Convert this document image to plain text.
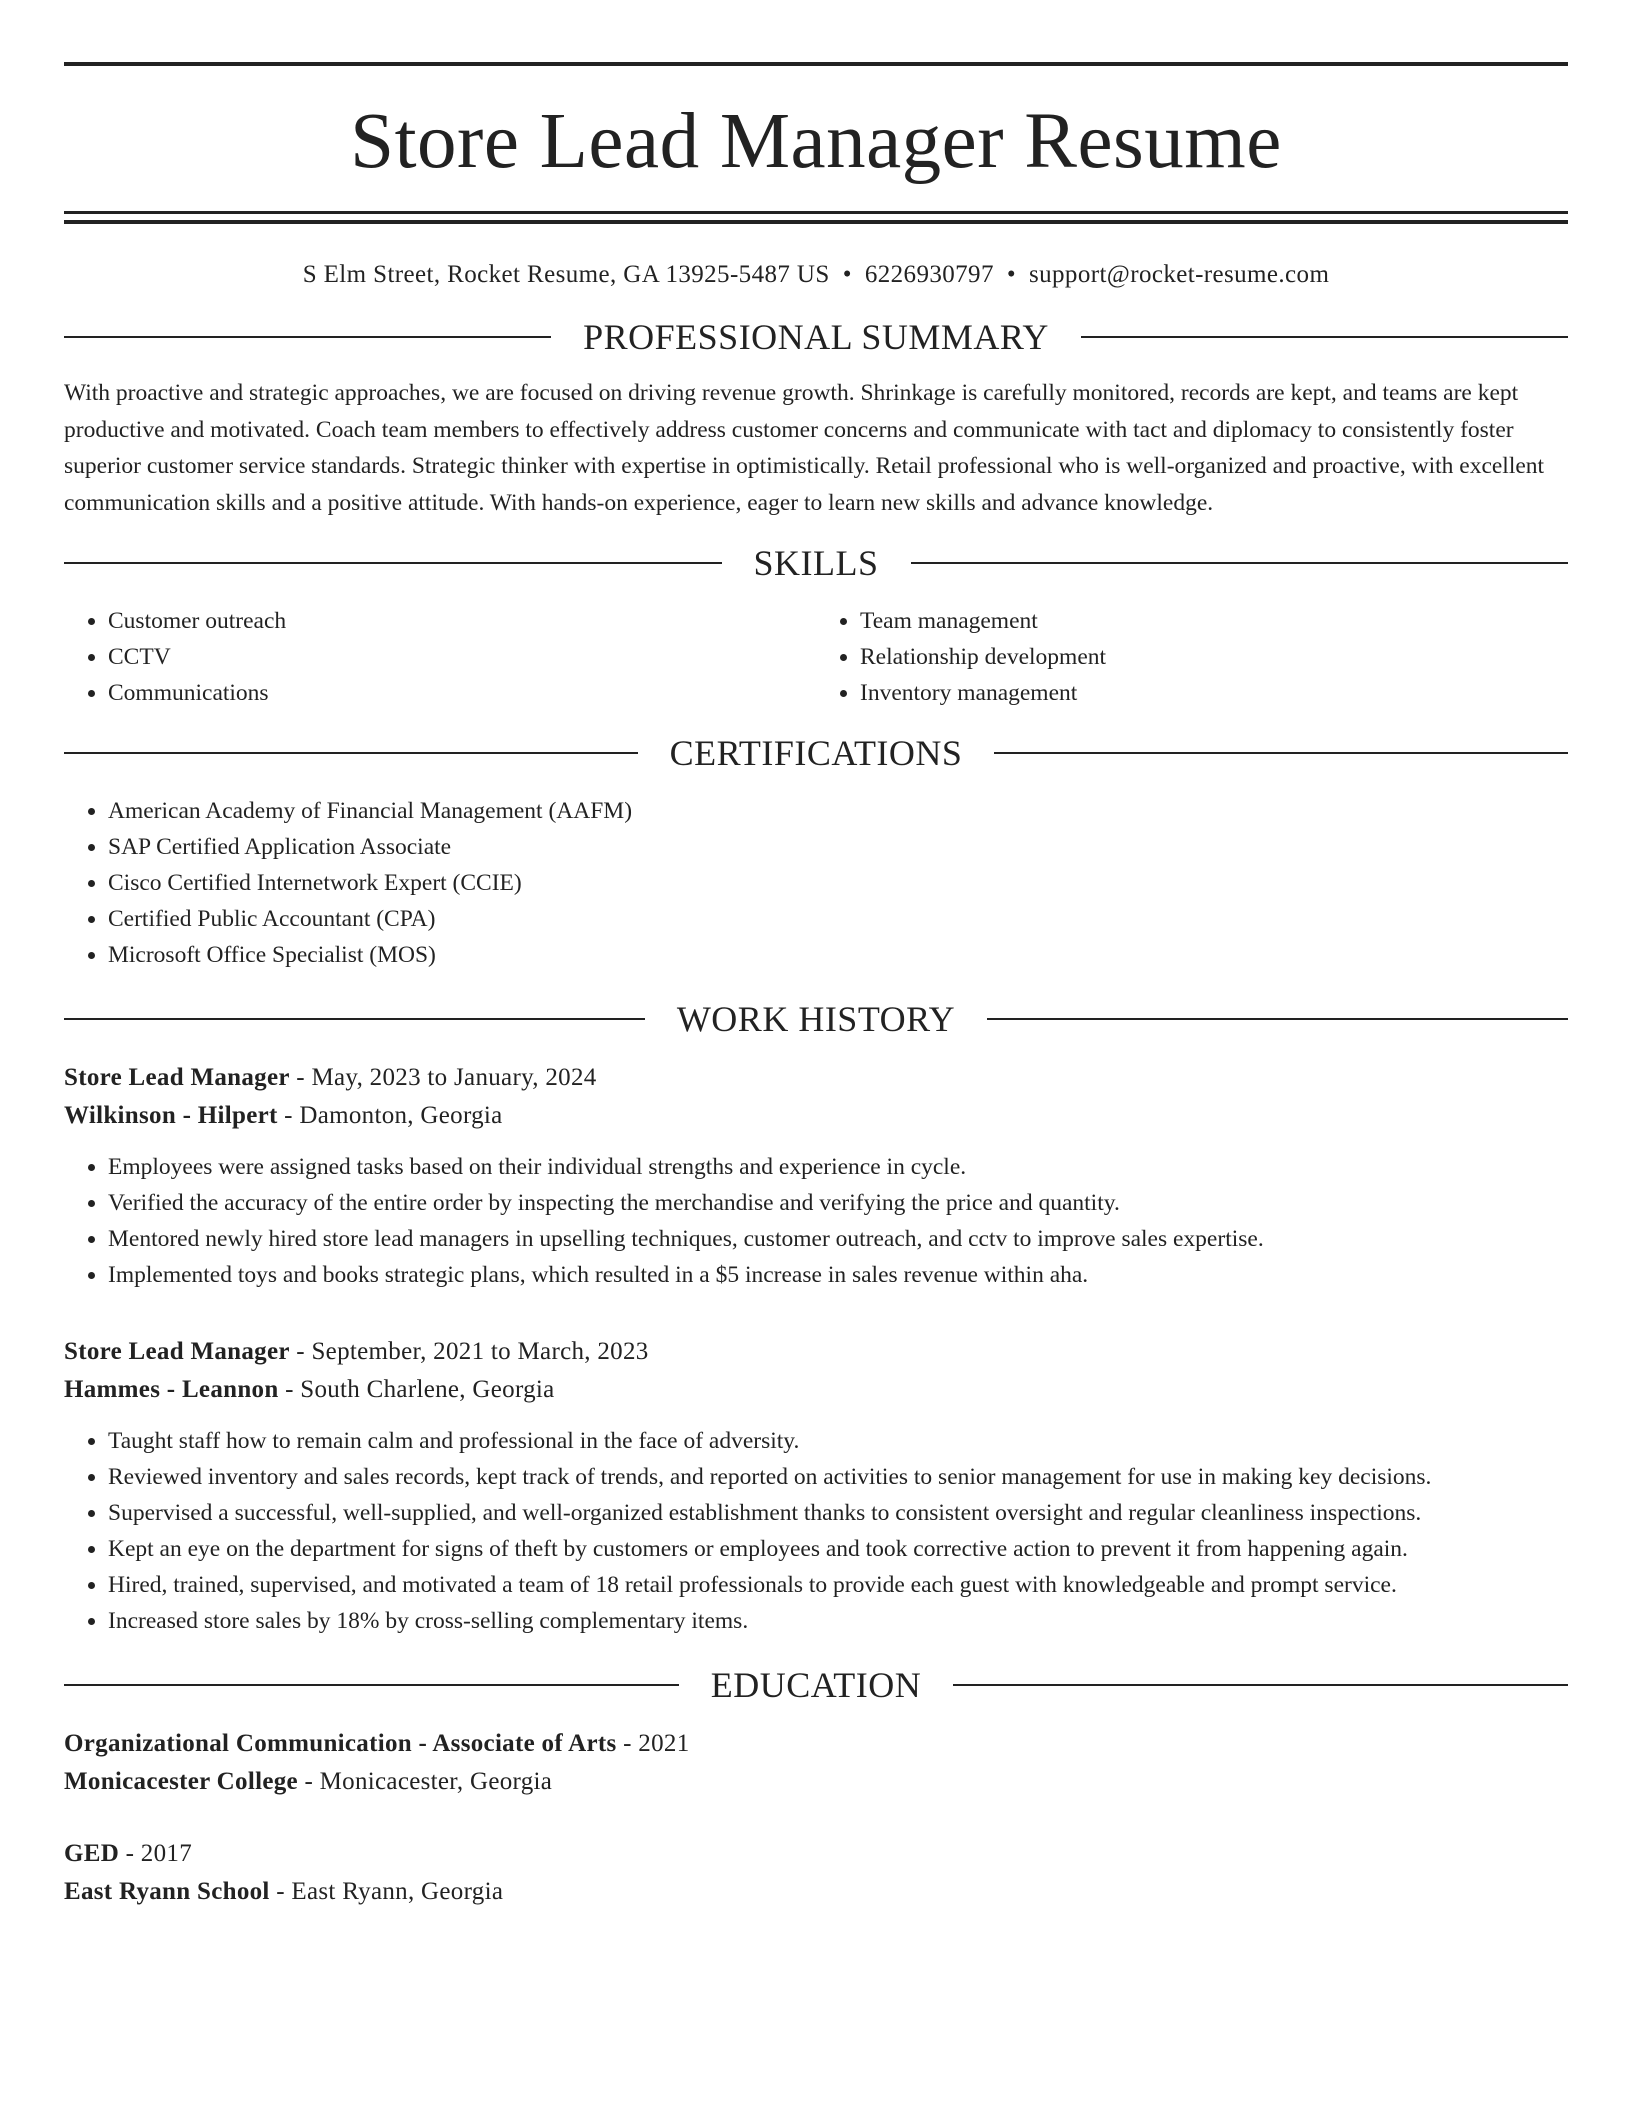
Store Lead Manager Resume
S Elm Street, Rocket Resume, GA 13925-5487 US • 6226930797 • support@rocket-resume.com
PROFESSIONAL SUMMARY

With proactive and strategic approaches, we are focused on driving revenue growth. Shrinkage is carefully monitored, records are kept, and teams are kept productive and motivated. Coach team members to effectively address customer concerns and communicate with tact and diplomacy to consistently foster superior customer service standards. Strategic thinker with expertise in optimistically. Retail professional who is well-organized and proactive, with excellent communication skills and a positive attitude. With hands-on experience, eager to learn new skills and advance knowledge.

SKILLS
• Customer outreach
• CCTV
• Communications
• Team management
• Relationship development
• Inventory management
CERTIFICATIONS
• American Academy of Financial Management (AAFM)
• SAP Certified Application Associate
• Cisco Certified Internetwork Expert (CCIE)
• Certified Public Accountant (CPA)
• Microsoft Office Specialist (MOS)
WORK HISTORY
Store Lead Manager - May, 2023 to January, 2024
Wilkinson - Hilpert - Damonton, Georgia
• Employees were assigned tasks based on their individual strengths and experience in cycle.
• Verified the accuracy of the entire order by inspecting the merchandise and verifying the price and quantity.
• Mentored newly hired store lead managers in upselling techniques, customer outreach, and cctv to improve sales expertise.
• Implemented toys and books strategic plans, which resulted in a $5 increase in sales revenue within aha.
Store Lead Manager - September, 2021 to March, 2023
Hammes - Leannon - South Charlene, Georgia
• Taught staff how to remain calm and professional in the face of adversity.
• Reviewed inventory and sales records, kept track of trends, and reported on activities to senior management for use in making key decisions.
• Supervised a successful, well-supplied, and well-organized establishment thanks to consistent oversight and regular cleanliness inspections.
• Kept an eye on the department for signs of theft by customers or employees and took corrective action to prevent it from happening again.
• Hired, trained, supervised, and motivated a team of 18 retail professionals to provide each guest with knowledgeable and prompt service.
• Increased store sales by 18% by cross-selling complementary items.
EDUCATION
Organizational Communication - Associate of Arts - 2021
Monicacester College - Monicacester, Georgia
GED - 2017
East Ryann School - East Ryann, Georgia
